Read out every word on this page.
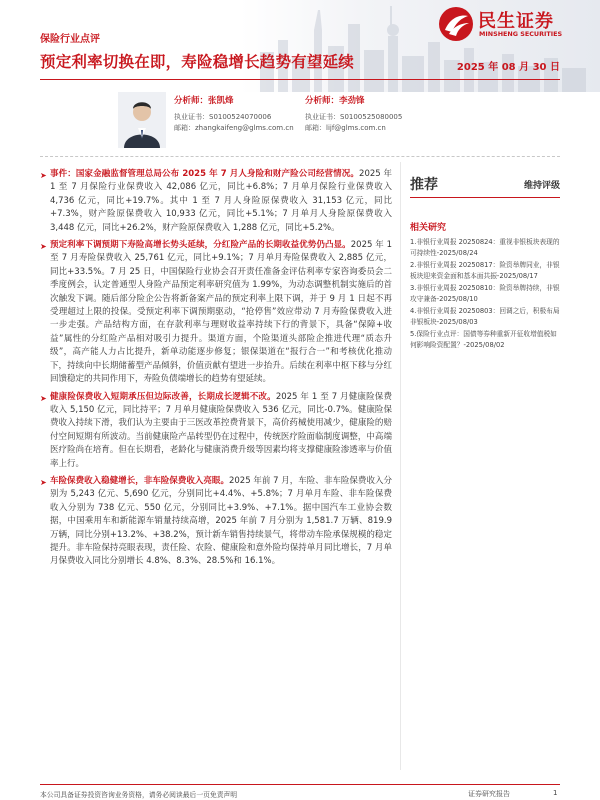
民生证券
MINSHENG SECURITIES
保险行业点评
预定利率切换在即，寿险稳增长趋势有望延续	2025 年 08 月 30 日
分析师：张凯烽
执业证书：S0100524070006
邮箱：zhangkaifeng@glms.com.cn
分析师：李劲锋
执业证书：S0100525080005
邮箱：lijf@glms.com.cn

➤ 事件：国家金融监督管理总局公布 2025 年 7 月人身险和财产险公司经营情况。2025 年 1 至 7 月保险行业保费收入 42,086 亿元，同比+6.8%；7 月单月保险行业保费收入 4,736 亿元，同比+19.7%。其中 1 至 7 月人身险原保费收入 31,153 亿元，同比+7.3%，财产险原保费收入 10,933 亿元，同比+5.1%；7 月单月人身险原保费收入 3,448 亿元，同比+26.2%，财产险原保费收入 1,288 亿元，同比+5.2%。

➤ 预定利率下调预期下寿险高增长势头延续，分红险产品的长期收益优势仍凸显。2025 年 1 至 7 月寿险保费收入 25,761 亿元，同比+9.1%；7 月单月寿险保费收入 2,885 亿元，同比+33.5%。7 月 25 日，中国保险行业协会召开责任准备金评估利率专家咨询委员会二季度例会，认定普通型人身险产品预定利率研究值为 1.99%，为动态调整机制实施后的首次触发下调。随后部分险企公告将新备案产品的预定利率上限下调，并于 9 月 1 日起不再受理超过上限的投保。受预定利率下调预期驱动，“抢停售”效应带动 7 月寿险保费收入进一步走强。产品结构方面，在存款利率与理财收益率持续下行的背景下，具备“保障+收益”属性的分红险产品相对吸引力提升。渠道方面，个险渠道头部险企推进代理“质态升级”，高产能人力占比提升，新单动能逐步修复；银保渠道在“报行合一”和考核优化推动下，持续向中长期储蓄型产品倾斜，价值贡献有望进一步抬升。后续在利率中枢下移与分红回馈稳定的共同作用下，寿险负债端增长的趋势有望延续。

➤ 健康险保费收入短期承压但边际改善，长期成长逻辑不改。2025 年 1 至 7 月健康险保费收入 5,150 亿元，同比持平；7 月单月健康险保费收入 536 亿元，同比-0.7%。健康险保费收入持续下滑，我们认为主要由于三医改革控费背景下，高价药械使用减少，健康险的赔付空间短期有所波动。当前健康险产品转型仍在过程中，传统医疗险面临制度调整，中高端医疗险尚在培育。但在长期看，老龄化与健康消费升级等因素均将支撑健康险渗透率与价值率上行。

➤ 车险保费收入稳健增长，非车险保费收入亮眼。2025 年前 7 月，车险、非车险保费收入分别为 5,243 亿元、5,690 亿元，分别同比+4.4%、+5.8%；7 月单月车险、非车险保费收入分别为 738 亿元、550 亿元，分别同比+3.9%、+7.1%。据中国汽车工业协会数据，中国乘用车和新能源车销量持续高增，2025 年前 7 月分别为 1,581.7 万辆、819.9 万辆，同比分别+13.2%、+38.2%，预计新车销售持续景气，将带动车险承保规模的稳定提升。非车险保持亮眼表现，责任险、农险、健康险和意外险均保持单月同比增长，7 月单月保费收入同比分别增长 4.8%、8.3%、28.5%和 16.1%。

推荐	维持评级
相关研究
1.非银行业周报 20250824：重视非银板块表现的可持续性-2025/08/24
2.非银行业周报 20250817：险资举牌同业，非银板块迎来资金面和基本面共振-2025/08/17
3.非银行业周报 20250810：险资举牌持续，非银攻守兼备-2025/08/10
4.非银行业周报 20250803：回调之后，积极布局非银板块-2025/08/03
5.保险行业点评：国债等券种重新开征收增值税如何影响险资配置？-2025/08/02
本公司具备证券投资咨询业务资格，请务必阅读最后一页免责声明	证券研究报告	1
